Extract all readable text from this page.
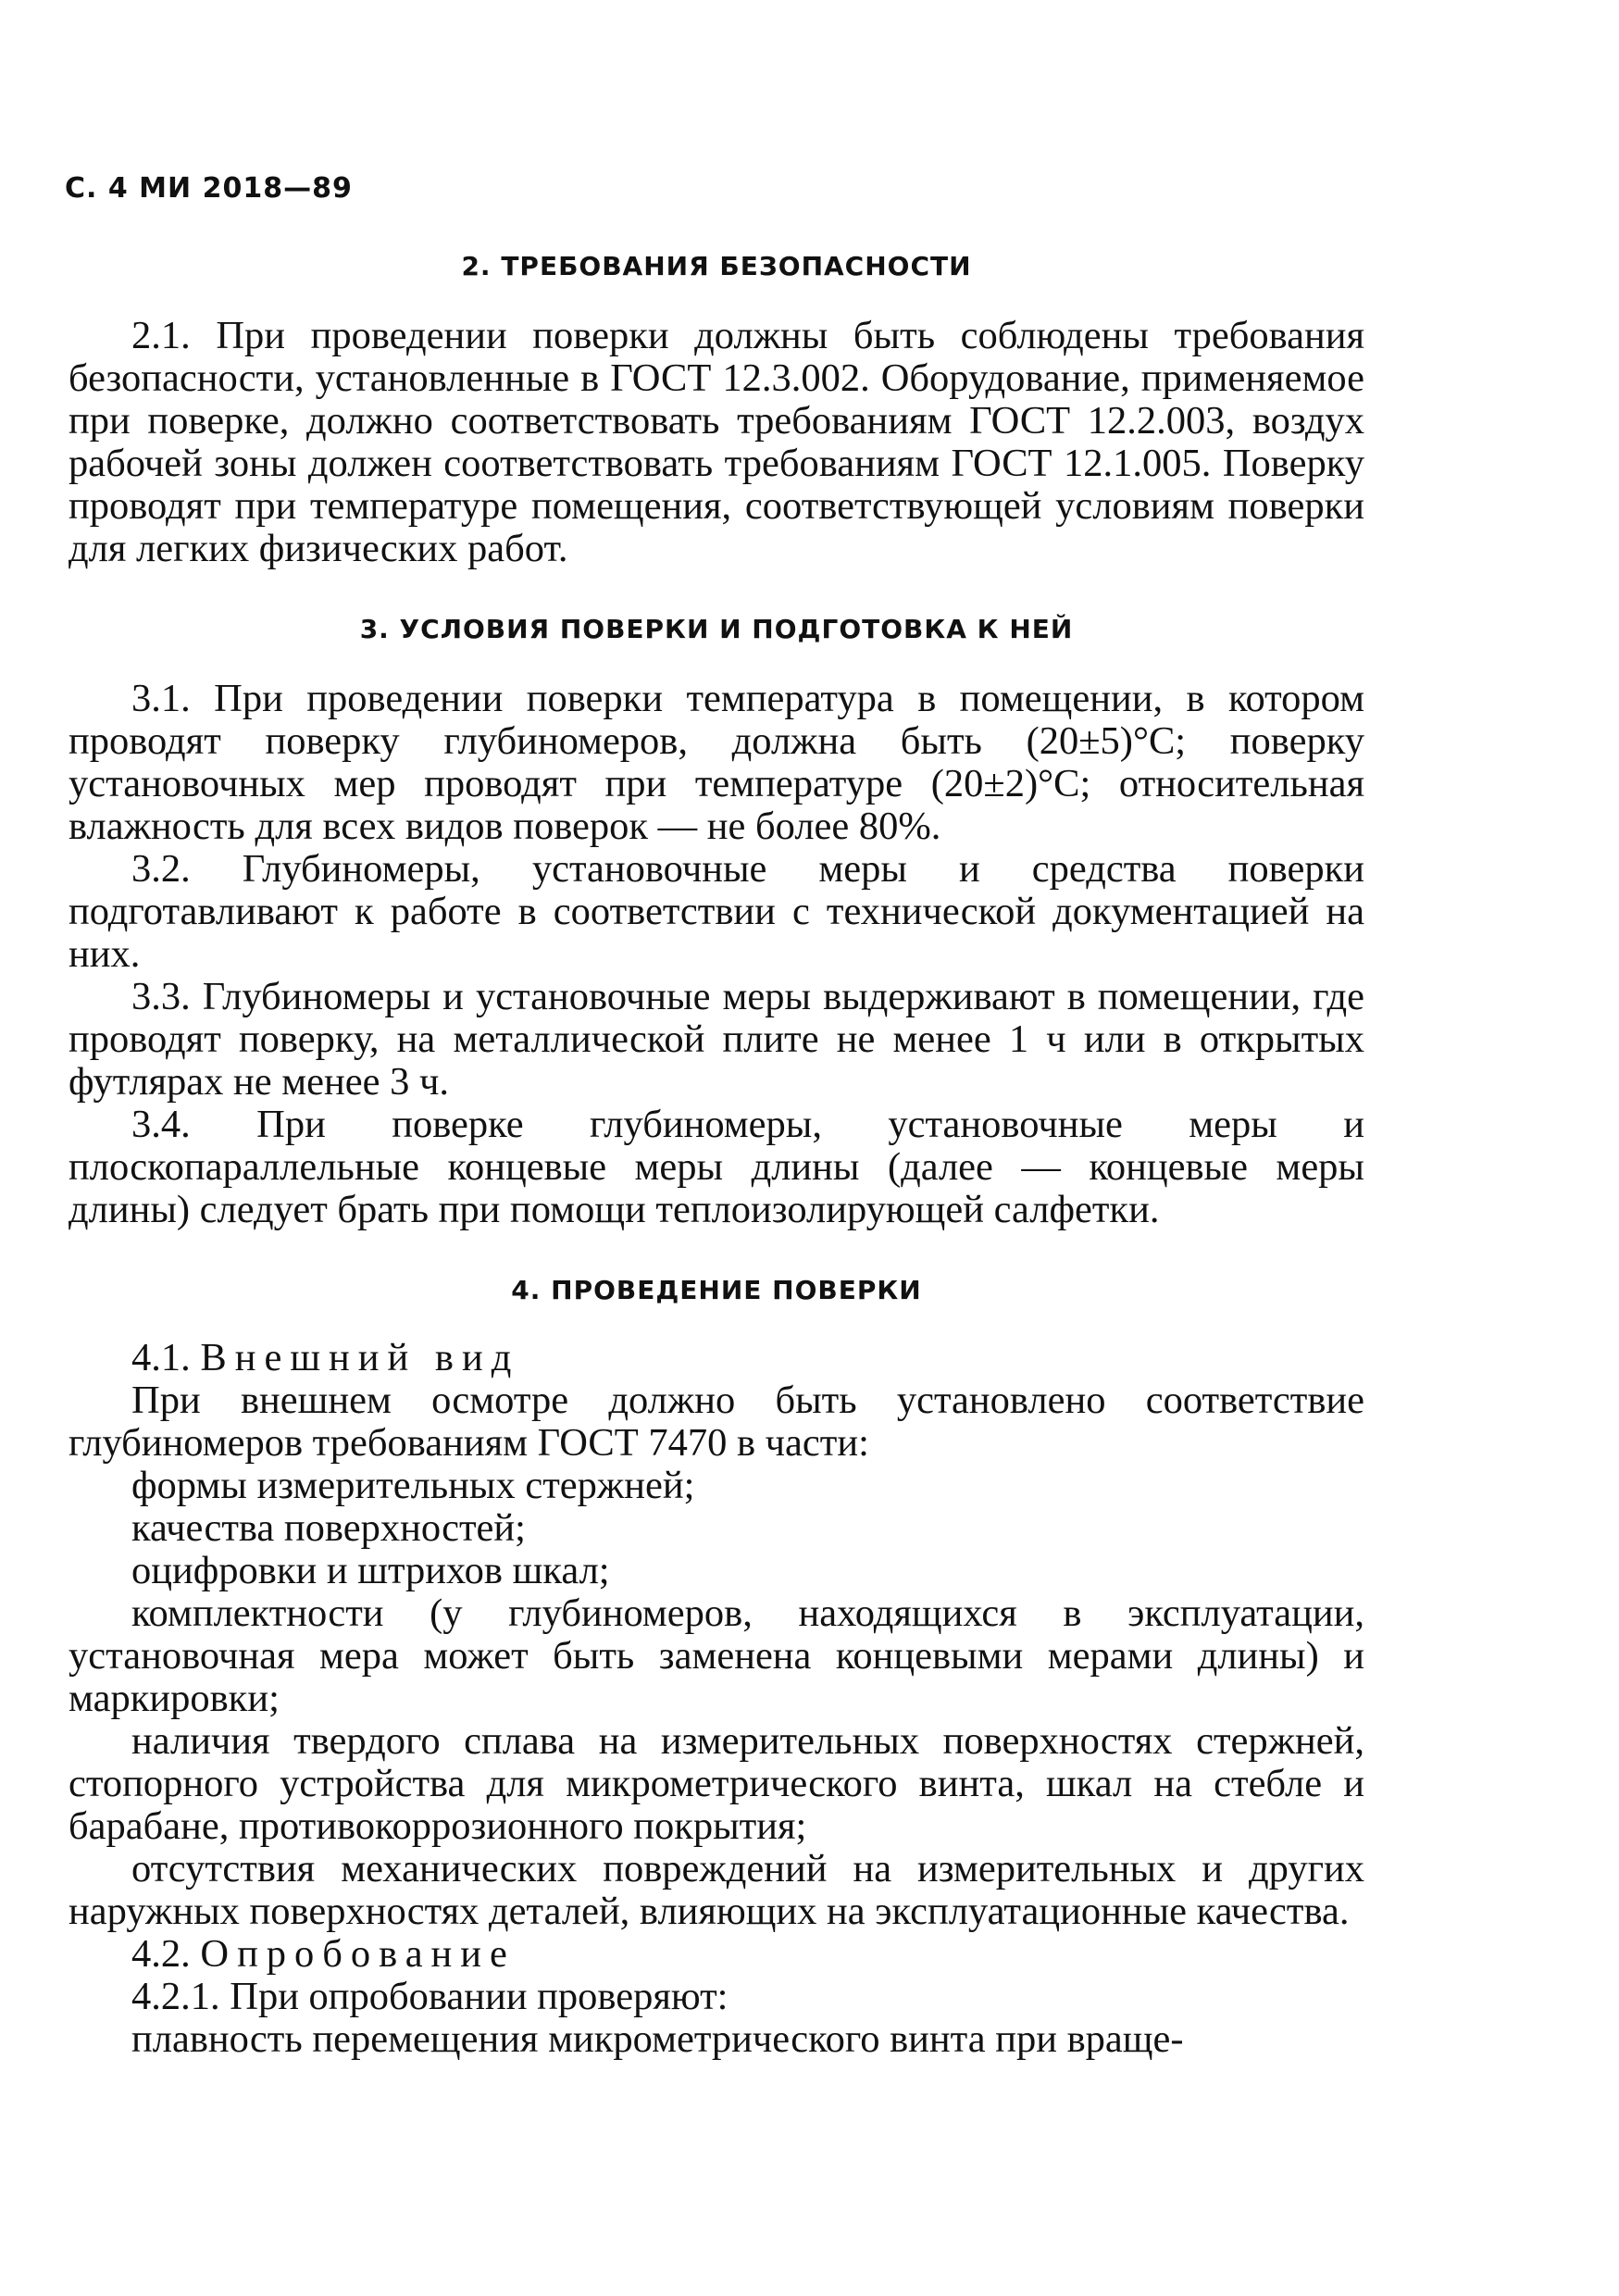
С. 4 МИ 2018—89
2. ТРЕБОВАНИЯ БЕЗОПАСНОСТИ

2.1. При проведении поверки должны быть соблюдены требования безопасности, установленные в ГОСТ 12.3.002. Оборудование, применяемое при поверке, должно соответствовать требованиям ГОСТ 12.2.003, воздух рабочей зоны должен соответствовать требованиям ГОСТ 12.1.005. Поверку проводят при температуре помещения, соответствующей условиям поверки для легких физических работ.

3. УСЛОВИЯ ПОВЕРКИ И ПОДГОТОВКА К НЕЙ

3.1. При проведении поверки температура в помещении, в котором проводят поверку глубиномеров, должна быть (20±5)°С; поверку установочных мер проводят при температуре (20±2)°С; относительная влажность для всех видов поверок — не более 80%.

3.2. Глубиномеры, установочные меры и средства поверки подготавливают к работе в соответствии с технической документацией на них.

3.3. Глубиномеры и установочные меры выдерживают в помещении, где проводят поверку, на металлической плите не менее 1 ч или в открытых футлярах не менее 3 ч.

3.4. При поверке глубиномеры, установочные меры и плоскопараллельные концевые меры длины (далее — концевые меры длины) следует брать при помощи теплоизолирующей салфетки.

4. ПРОВЕДЕНИЕ ПОВЕРКИ

4.1. Внешний вид

При внешнем осмотре должно быть установлено соответствие глубиномеров требованиям ГОСТ 7470 в части:

формы измерительных стержней;

качества поверхностей;

оцифровки и штрихов шкал;

комплектности (у глубиномеров, находящихся в эксплуатации, установочная мера может быть заменена концевыми мерами длины) и маркировки;

наличия твердого сплава на измерительных поверхностях стержней, стопорного устройства для микрометрического винта, шкал на стебле и барабане, противокоррозионного покрытия;

отсутствия механических повреждений на измерительных и других наружных поверхностях деталей, влияющих на эксплуатационные качества.

4.2. Опробование

4.2.1. При опробовании проверяют:

плавность перемещения микрометрического винта при враще-
